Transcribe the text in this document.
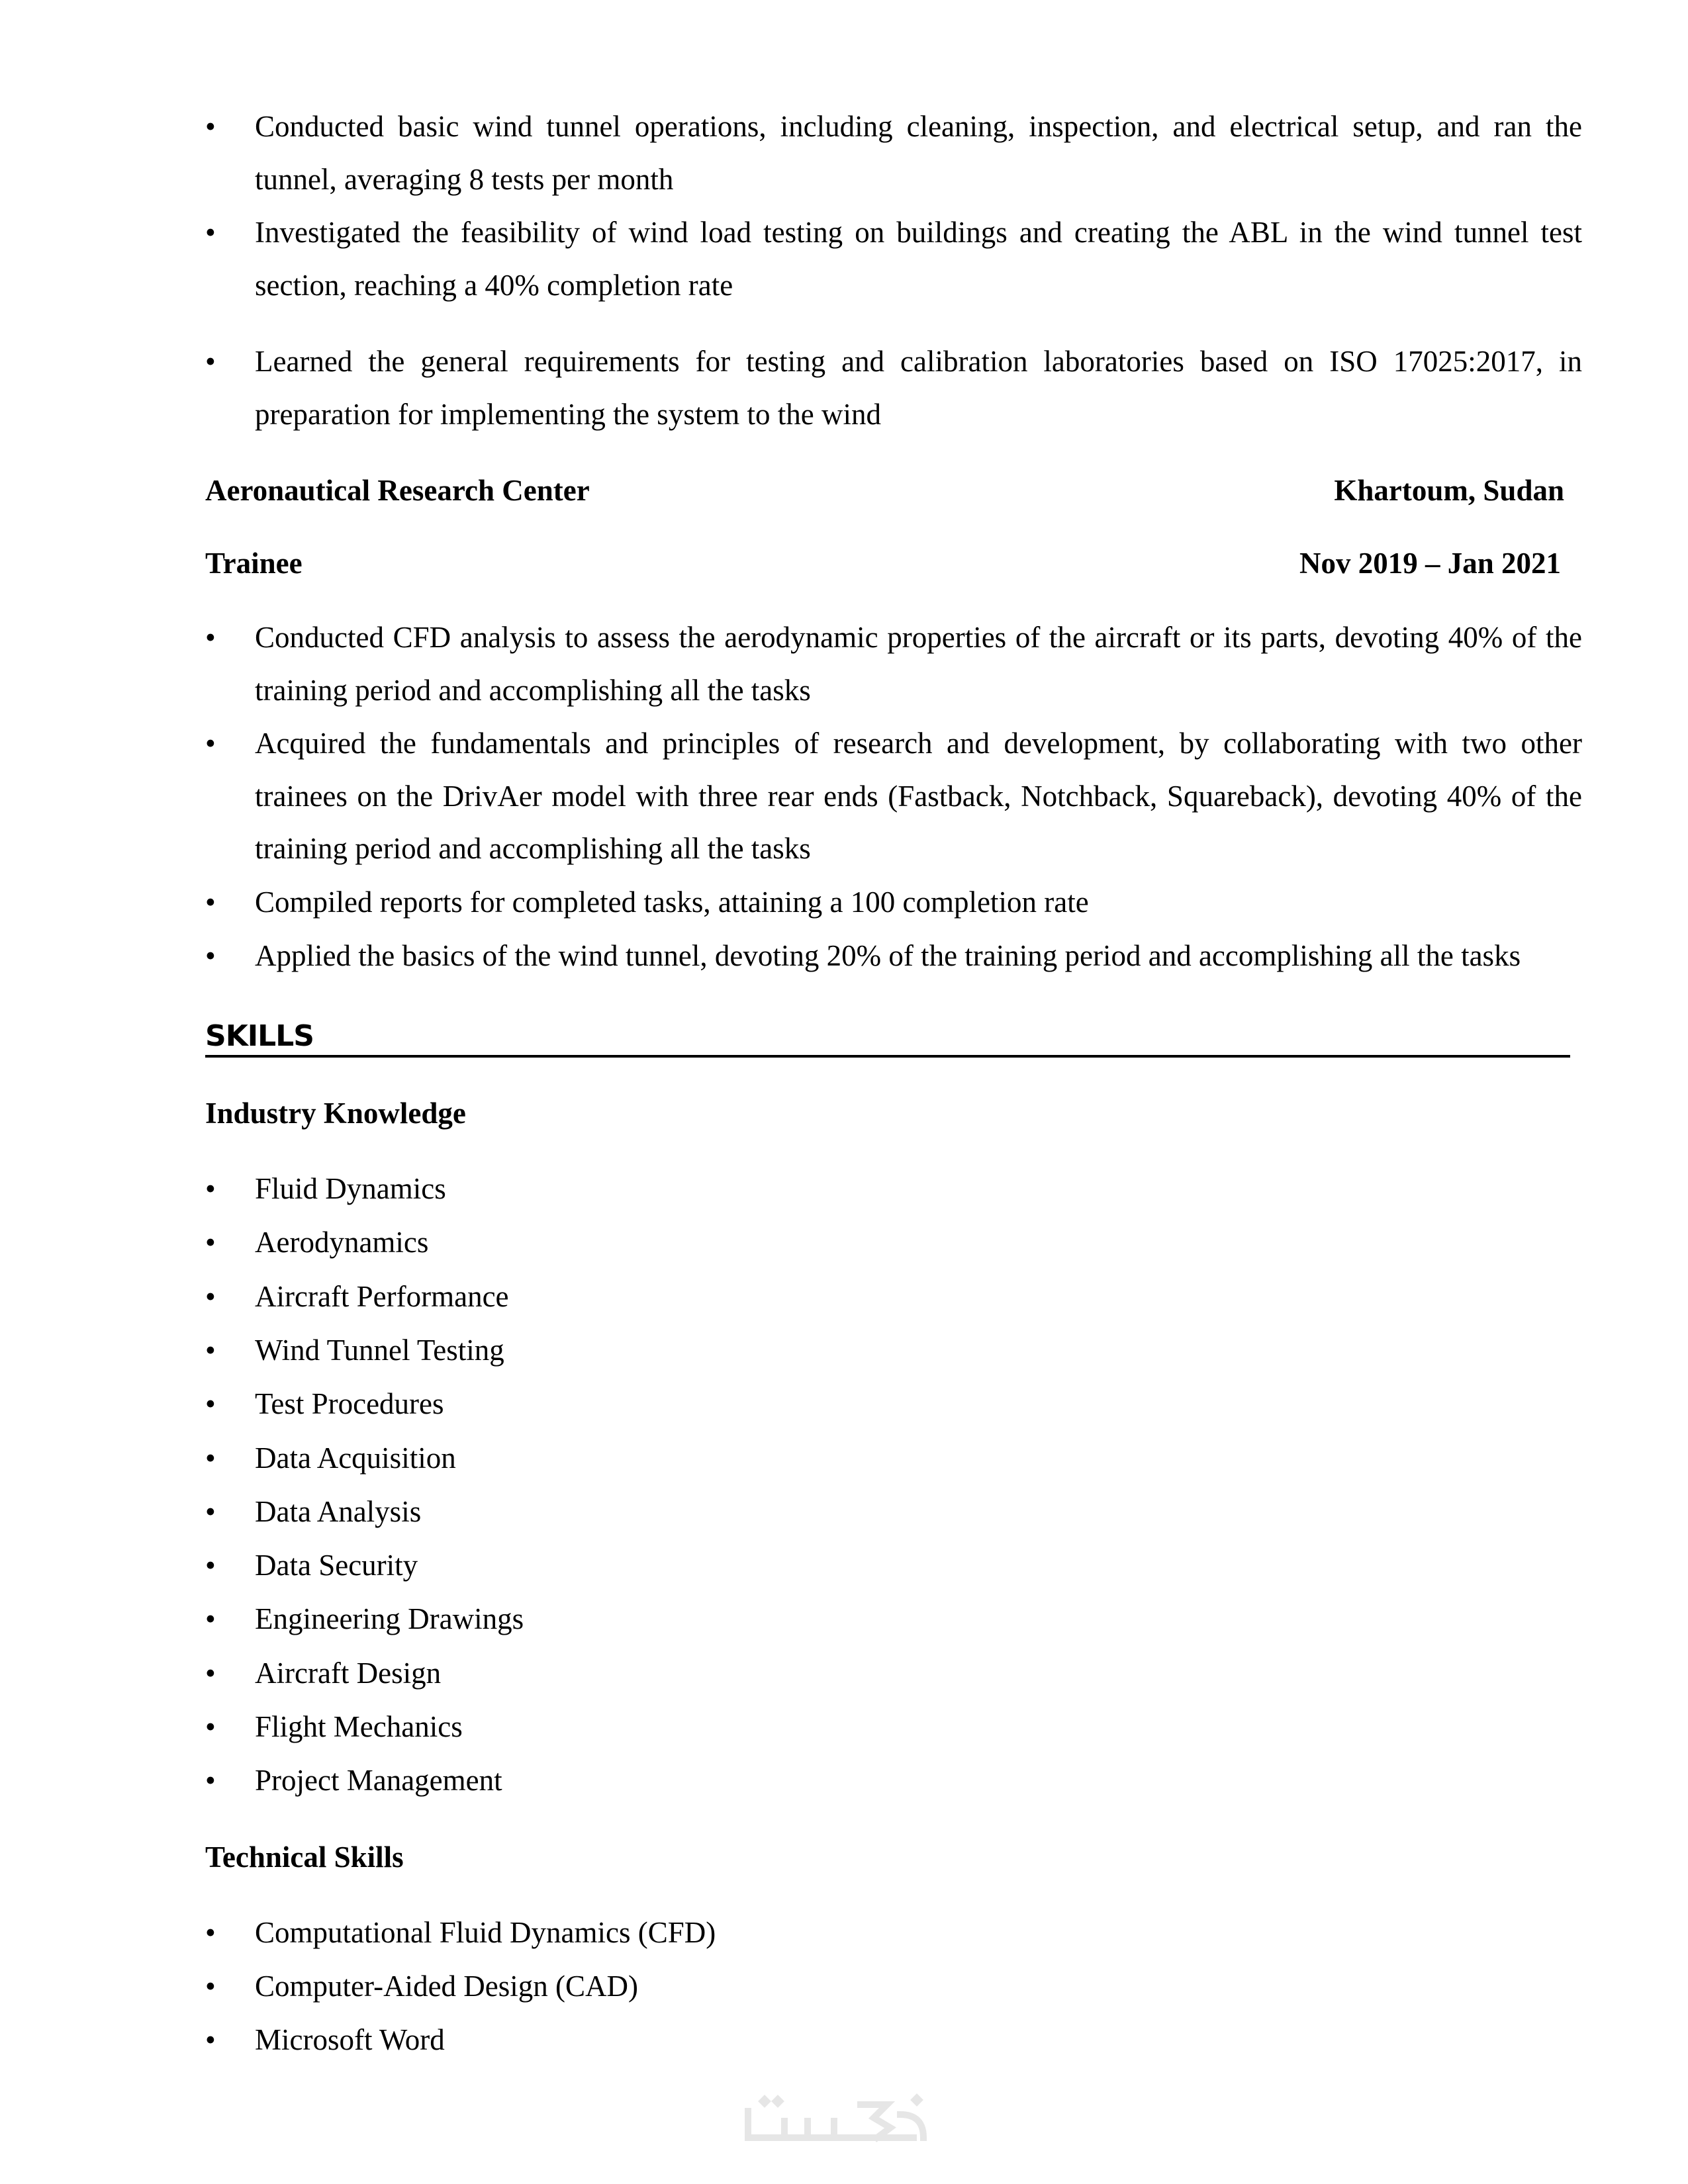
•	Conducted basic wind tunnel operations, including cleaning, inspection, and electrical setup, and ran the tunnel, averaging 8 tests per month
•	Investigated the feasibility of wind load testing on buildings and creating the ABL in the wind tunnel test section, reaching a 40% completion rate
•	Learned the general requirements for testing and calibration laboratories based on ISO 17025:2017, in preparation for implementing the system to the wind
Aeronautical Research Center	Khartoum, Sudan
Trainee	Nov 2019 – Jan 2021
•	Conducted CFD analysis to assess the aerodynamic properties of the aircraft or its parts, devoting 40% of the training period and accomplishing all the tasks
•	Acquired the fundamentals and principles of research and development, by collaborating with two other trainees on the DrivAer model with three rear ends (Fastback, Notchback, Squareback), devoting 40% of the training period and accomplishing all the tasks
•	Compiled reports for completed tasks, attaining a 100 completion rate
•	Applied the basics of the wind tunnel, devoting 20% of the training period and accomplishing all the tasks
SKILLS
Industry Knowledge
• Fluid Dynamics
• Aerodynamics
• Aircraft Performance
• Wind Tunnel Testing
• Test Procedures
• Data Acquisition
• Data Analysis
• Data Security
• Engineering Drawings
• Aircraft Design
• Flight Mechanics
• Project Management
Technical Skills
• Computational Fluid Dynamics (CFD)
• Computer-Aided Design (CAD)
• Microsoft Word
